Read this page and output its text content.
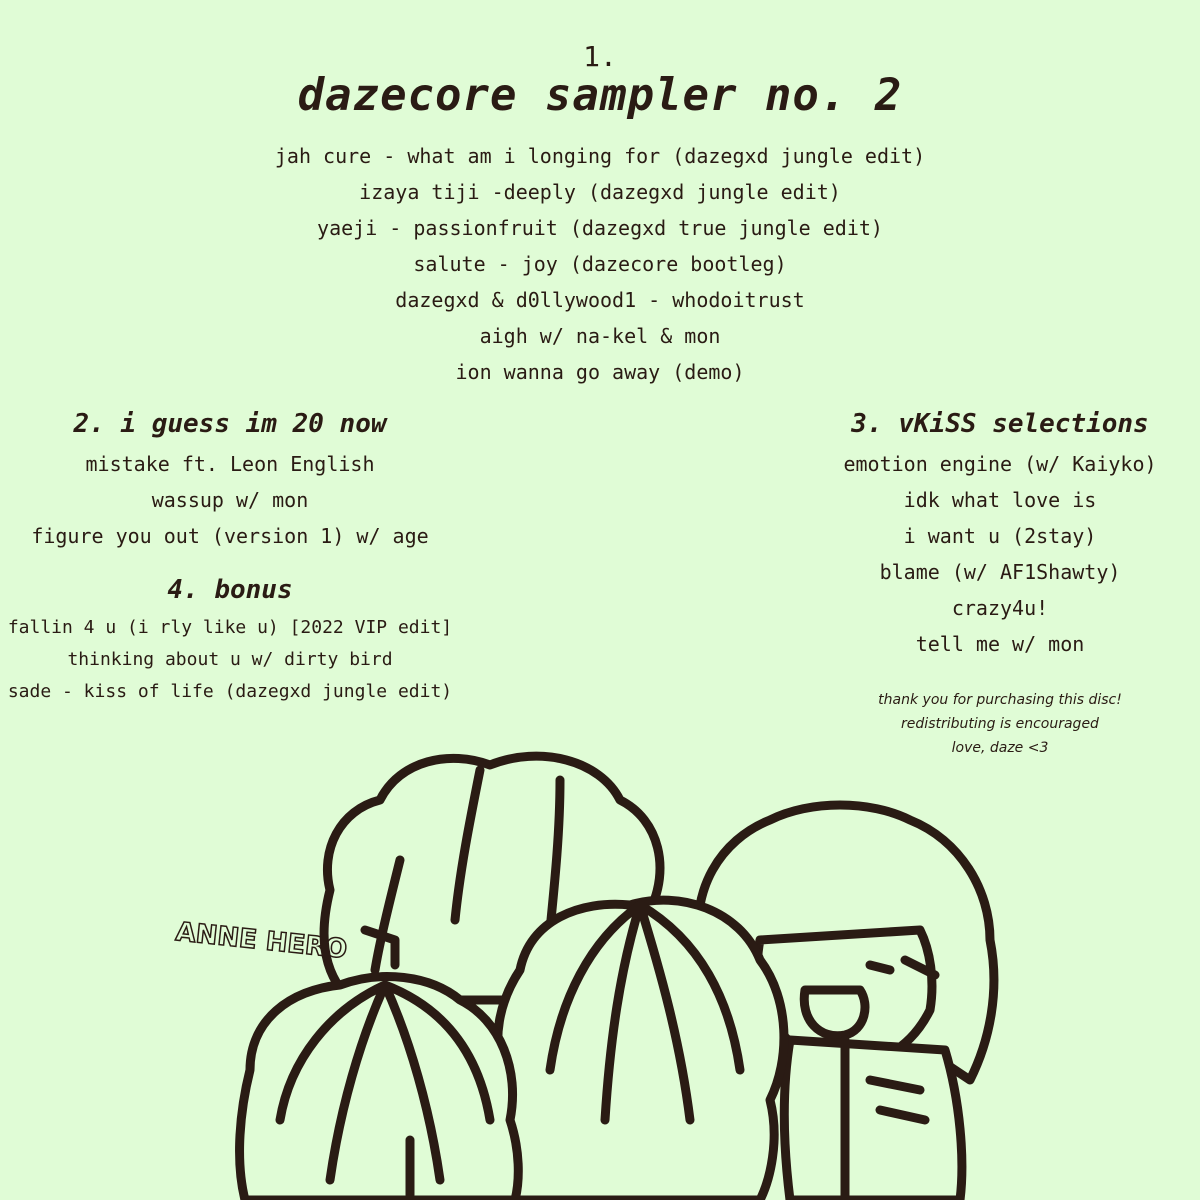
1.
dazecore sampler no. 2
jah cure - what am i longing for (dazegxd jungle edit)
izaya tiji -deeply (dazegxd jungle edit)
yaeji - passionfruit (dazegxd true jungle edit)
salute - joy (dazecore bootleg)
dazegxd & d0llywood1 - whodoitrust
aigh w/ na-kel & mon
ion wanna go away (demo)
2. i guess im 20 now
mistake ft. Leon English
wassup w/ mon
figure you out (version 1) w/ age
4. bonus
fallin 4 u (i rly like u) [2022 VIP edit]
thinking about u w/ dirty bird
sade - kiss of life (dazegxd jungle edit)
3. vKiSS selections
emotion engine (w/ Kaiyko)
idk what love is
i want u (2stay)
blame (w/ AF1Shawty)
crazy4u!
tell me w/ mon
thank you for purchasing this disc!
redistributing is encouraged
love, daze <3
ANNE HERO
